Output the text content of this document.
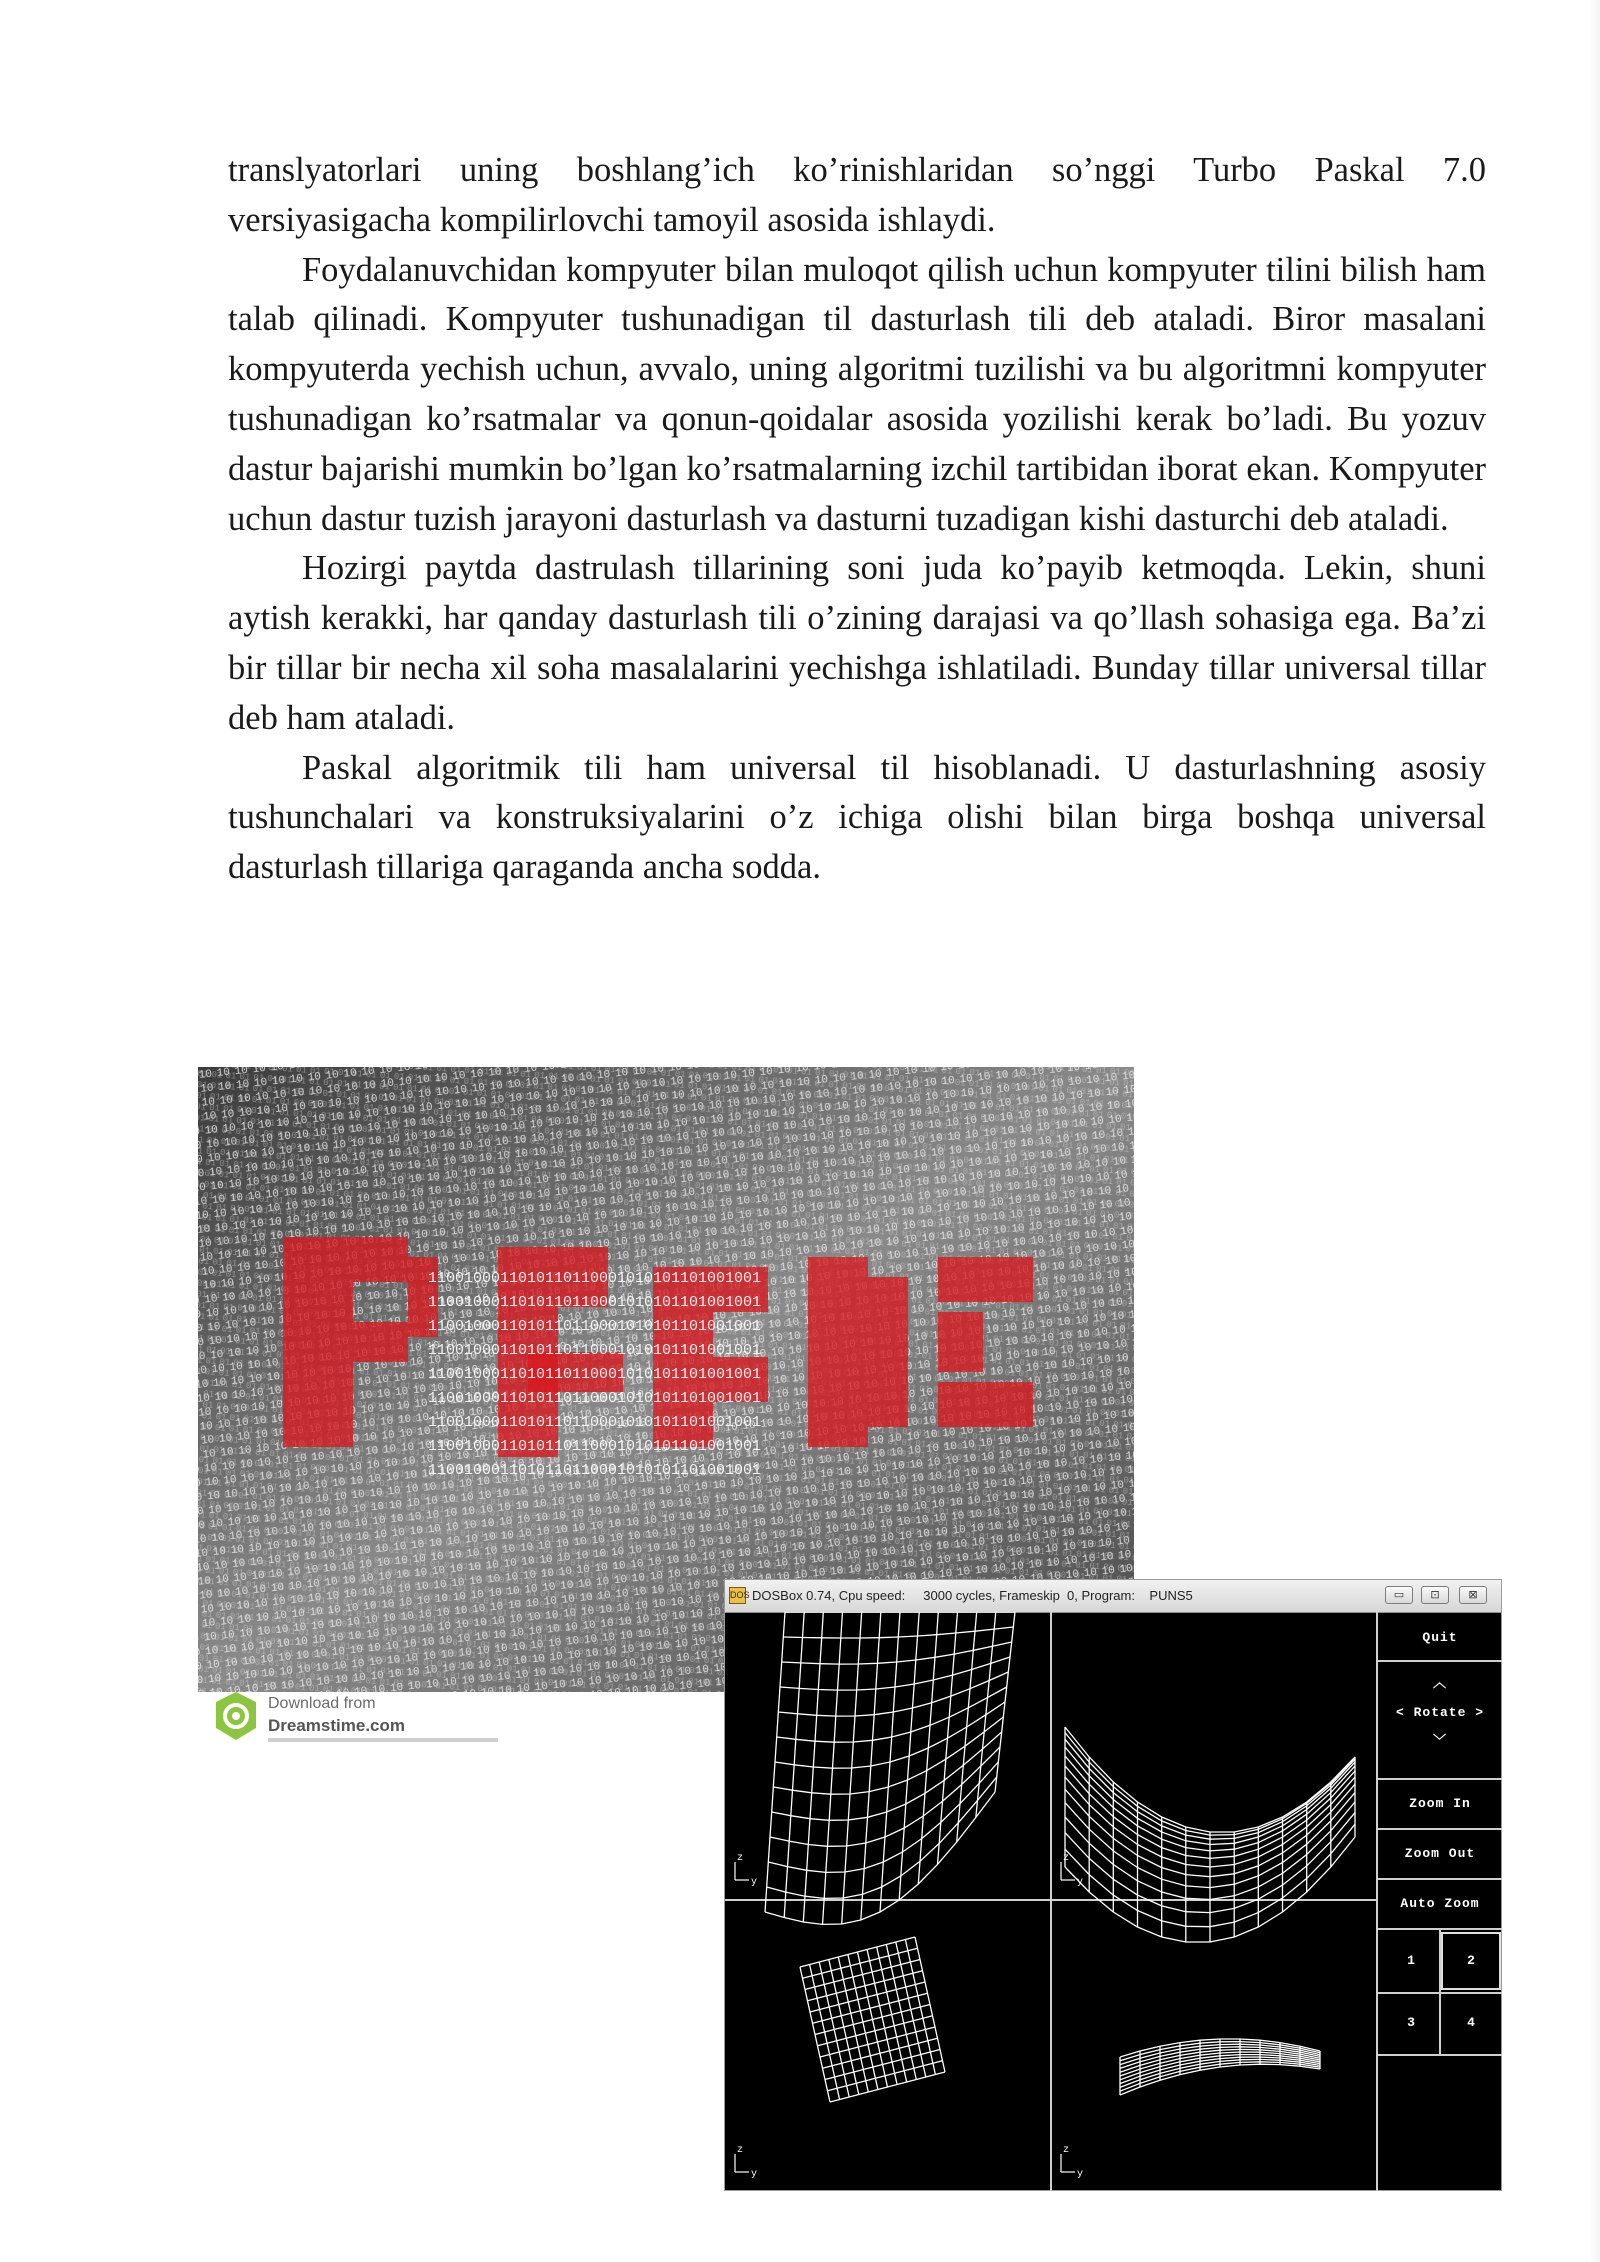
translyatorlari uning boshlang’ich ko’rinishlaridan so’nggi Turbo Paskal 7.0 versiyasigacha kompilirlovchi tamoyil asosida ishlaydi.

Foydalanuvchidan kompyuter bilan muloqot qilish uchun kompyuter tilini bilish ham talab qilinadi. Kompyuter tushunadigan til dasturlash tili deb ataladi. Biror masalani kompyuterda yechish uchun, avvalo, uning algoritmi tuzilishi va bu algoritmni kompyuter tushunadigan ko’rsatmalar va qonun-qoidalar asosida yozilishi kerak bo’ladi. Bu yozuv dastur bajarishi mumkin bo’lgan ko’rsatmalarning izchil tartibidan iborat ekan. Kompyuter uchun dastur tuzish jarayoni dasturlash va dasturni tuzadigan kishi dasturchi deb ataladi.

Hozirgi paytda dastrulash tillarining soni juda ko’payib ketmoqda. Lekin, shuni aytish kerakki, har qanday dasturlash tili o’zining darajasi va qo’llash sohasiga ega. Ba’zi bir tillar bir necha xil soha masalalarini yechishga ishlatiladi. Bunday tillar universal tillar deb ham ataladi.

Paskal algoritmik tili ham universal til hisoblanadi. U dasturlashning asosiy tushunchalari va konstruksiyalarini o’z ichiga olishi bilan birga boshqa universal dasturlash tillariga qaraganda ancha sodda.

1100100011010110110001010101101001001
1100100011010110110001010101101001001
1100100011010110110001010101101001001
1100100011010110110001010101101001001
1100100011010110110001010101101001001
1100100011010110110001010101101001001
1100100011010110110001010101101001001
1100100011010110110001010101101001001
1100100011010110110001010101101001001
Download from
Dreamstime.com
DOS DOSBox 0.74, Cpu speed:     3000 cycles, Frameskip  0, Program:    PUNS5	▭	⊡	⊠
z
y
z
y
z
y
z
y
Quit
︿
< Rotate >
﹀
Zoom In
Zoom Out
Auto Zoom
1	2
3	4
